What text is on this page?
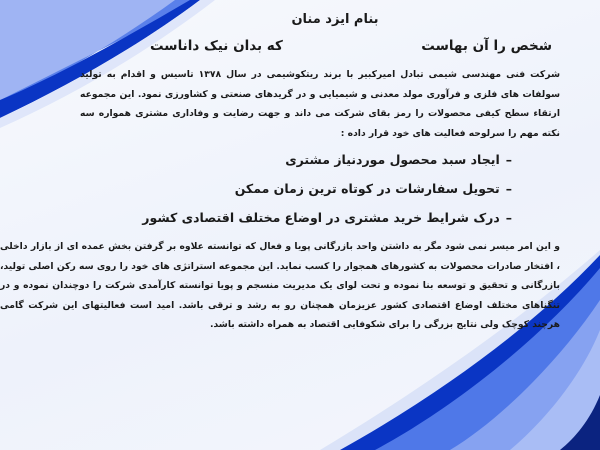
بنام ایزد منان
شخص را آن بهاست
که بدان نیک داناست
شرکت فنی مهندسی شیمی تبادل امیرکبیر با برند ریتکوشیمی در سال ۱۳۷۸ تاسیس و اقدام به تولید سولفات های فلزی و فرآوری مولد معدنی و شیمیایی و در گریدهای صنعتی و کشاورزی نمود. این مجموعه ارتقاء سطح کیفی محصولات را رمز بقای شرکت می داند و جهت رضایت و وفاداری مشتری همواره سه نکته مهم را سرلوحه فعالیت های خود قرار داده :
–ایجاد سبد محصول موردنیاز مشتری
–تحویل سفارشات در کوتاه ترین زمان ممکن
–درک شرایط خرید مشتری در اوضاع مختلف اقتصادی کشور
و این امر میسر نمی شود مگر به داشتن واحد بازرگانی پویا و فعال که توانسته علاوه بر گرفتن بخش عمده ای از بازار داخلی ، افتخار صادرات محصولات به کشورهای همجوار را کسب نماید. این مجموعه استراتژی های خود را روی سه رکن اصلی تولید، بازرگانی و تحقیق و توسعه بنا نموده و تحت لوای یک مدیریت منسجم و پویا توانسته کارآمدی شرکت را دوچندان نموده و در تنگناهای مختلف اوضاع اقتصادی کشور عزیزمان همچنان رو به رشد و ترقی باشد. امید است فعالیتهای این شرکت گامی هرچند کوچک ولی نتایج بزرگی را برای شکوفایی اقتصاد به همراه داشته باشد.
